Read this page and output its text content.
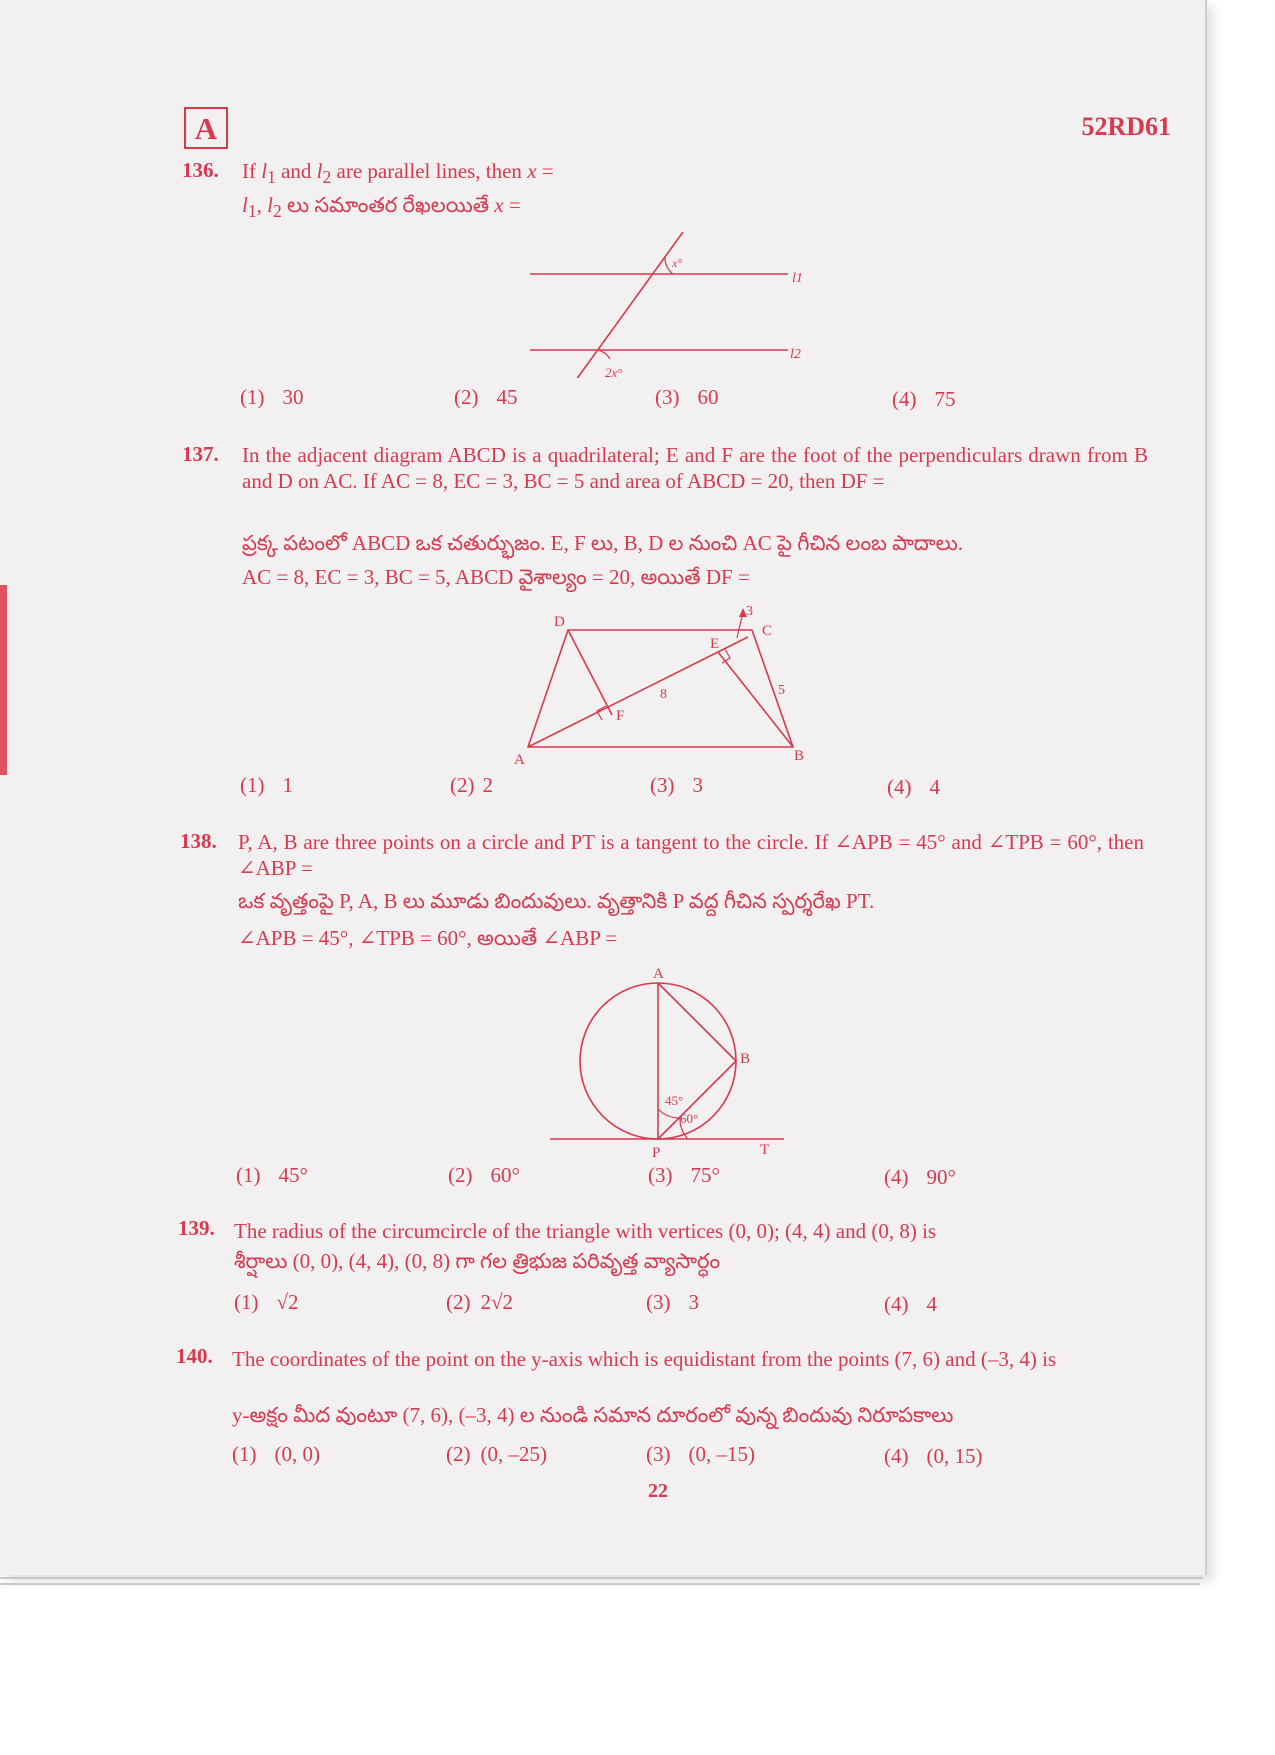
A	52RD61
136. If $l_1$ and $l_2$ are parallel lines, then x =
$l_1$, $l_2$ లు సమాంతర రేఖలయితే x =
x°
2x°
l1
l2
(1) 30	(2) 45	(3) 60	(4) 75
137. In the adjacent diagram ABCD is a quadrilateral; E and F are the foot of the perpendiculars drawn from B and D on AC. If AC = 8, EC = 3, BC = 5 and area of ABCD = 20, then DF =
ప్రక్క పటంలో ABCD ఒక చతుర్భుజం. E, F లు, B, D ల నుంచి AC పై గీచిన లంబ పాదాలు.
AC = 8, EC = 3, BC = 5, ABCD వైశాల్యం = 20, అయితే DF =
A	B
C
D
E
F
8	5
3
(1) 1	(2) 2	(3) 3	(4) 4
138. P, A, B are three points on a circle and PT is a tangent to the circle. If ∠APB = 45° and ∠TPB = 60°, then ∠ABP =
ఒక వృత్తంపై P, A, B లు మూడు బిందువులు. వృత్తానికి P వద్ద గీచిన స్పర్శరేఖ PT.
∠APB = 45°, ∠TPB = 60°, అయితే ∠ABP =
A
B
P	T
45°
60°
(1) 45°	(2) 60°	(3) 75°	(4) 90°
139. The radius of the circumcircle of the triangle with vertices (0, 0); (4, 4) and (0, 8) is
శీర్షాలు (0, 0), (4, 4), (0, 8) గా గల త్రిభుజ పరివృత్త వ్యాసార్ధం
(1) √2	(2) 2√2	(3) 3	(4) 4
140. The coordinates of the point on the y-axis which is equidistant from the points (7, 6) and (–3, 4) is
y-అక్షం మీద వుంటూ (7, 6), (–3, 4) ల నుండి సమాన దూరంలో వున్న బిందువు నిరూపకాలు
(1) (0, 0)	(2) (0, –25)	(3) (0, –15)	(4) (0, 15)
22
